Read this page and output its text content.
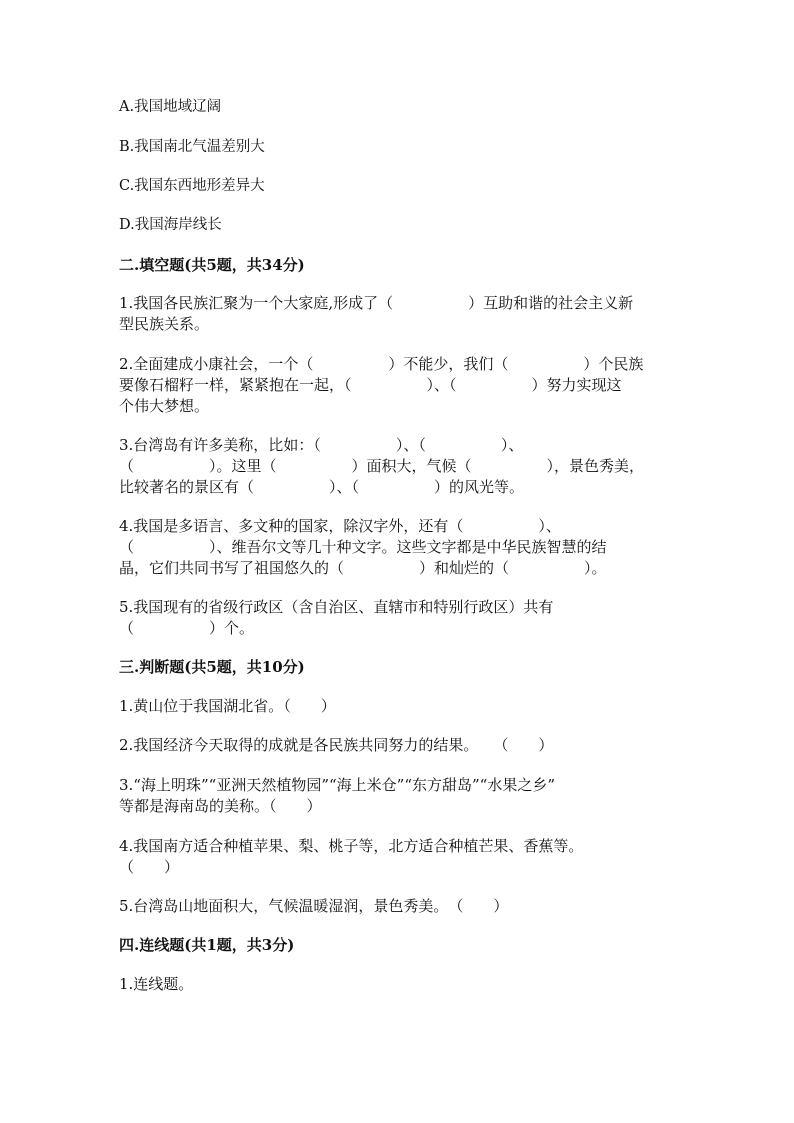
A.我国地域辽阔
B.我国南北气温差别大
C.我国东西地形差异大
D.我国海岸线长
二.填空题(共5题，共34分)
1.我国各民族汇聚为一个大家庭,形成了（　　　　　）互助和谐的社会主义新
型民族关系。
2.全面建成小康社会，一个（　　　　　）不能少，我们（　　　　　）个民族
要像石榴籽一样，紧紧抱在一起，（　　　　　）、（　　　　　）努力实现这
个伟大梦想。
3.台湾岛有许多美称，比如：（　　　　　）、（　　　　　）、
（　　　　　）。这里（　　　　　）面积大，气候（　　　　　），景色秀美，
比较著名的景区有（　　　　　）、（　　　　　）的风光等。
4.我国是多语言、多文种的国家，除汉字外，还有（　　　　　）、
（　　　　　）、维吾尔文等几十种文字。这些文字都是中华民族智慧的结
晶，它们共同书写了祖国悠久的（　　　　　）和灿烂的（　　　　　）。
5.我国现有的省级行政区（含自治区、直辖市和特别行政区）共有
（　　　　　）个。
三.判断题(共5题，共10分)
1.黄山位于我国湖北省。（　　）
2.我国经济今天取得的成就是各民族共同努力的结果。　　（　　）
3.“海上明珠”“亚洲天然植物园”“海上米仓”“东方甜岛”“水果之乡”
等都是海南岛的美称。（　　）
4.我国南方适合种植苹果、梨、桃子等，北方适合种植芒果、香蕉等。
（　　）
5.台湾岛山地面积大，气候温暖湿润，景色秀美。　（　　）
四.连线题(共1题，共3分)
1.连线题。
